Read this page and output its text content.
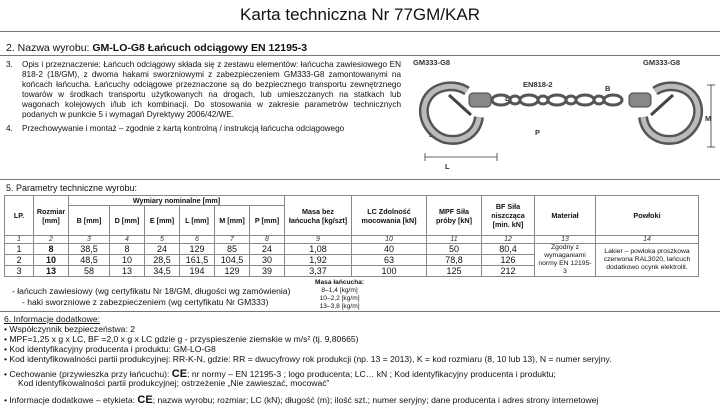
Karta techniczna Nr 77GM/KAR
2. Nazwa wyrobu: GM-LO-G8 Łańcuch odciągowy EN 12195-3
3. Opis i przeznaczenie: Łańcuch odciągowy składa się z zestawu elementów: łańcucha zawiesiowego EN 818-2 (18/GM), z dwoma hakami sworzniowymi z zabezpieczeniem GM333-G8 zamontowanymi na końcach łańcucha. Łańcuchy odciągowe przeznaczone są do bezpiecznego transportu zewnętrznego towarów w środkach transportu użytkowanych na drogach, lub umieszczanych na statkach lub wagonach kolejowych i/lub ich kombinacji. Do stosowania w zakresie parametrów technicznych podanych w punkcie 5 i wymagań Dyrektywy 2006/42/WE.
4. Przechowywanie i montaż – zgodnie z kartą kontrolną / instrukcją łańcucha odciągowego
GM333-G8
EN818-2
GM333-G8
B
D
P
B
E
M
L
5. Parametry techniczne wyrobu:
LP.	Rozmiar [mm]	Wymiary nominalne [mm]						Masa bez łańcucha [kg/szt]	LC Zdolność mocowania [kN]	MPF Siła próby [kN]	BF Siła niszcząca [min. kN]	Materiał	Powłoki
		B [mm]	D [mm]	E [mm]	L [mm]	M [mm]	P [mm]						
1	2	3	4	5	6	7	8	9	10	11	12	13	14
1	8	38,5	8	24	129	85	24	1,08	40	50	80,4	Zgodny z wymaganiami normy EN 12195-3	Lakier – powłoka proszkowa czerwona RAL3020, łańcuch dodatkowo ocynk elektrolit.
2	10	48,5	10	28,5	161,5	104,5	30	1,92	63	78,8	126		
3	13	58	13	34,5	194	129	39	3,37	100	125	212		
- łańcuch zawiesiowy (wg certyfikatu Nr 18/GM, długości wg zamówienia)
- haki sworzniowe z zabezpieczeniem (wg certyfikatu Nr GM333)
Masa łańcucha:
8–1,4 [kg/m]
10–2,2 [kg/m]
13–3,8 [kg/m]
6. Informacje dodatkowe:
• Współczynnik bezpieczeństwa: 2
• MPF=1,25 x g x LC, BF =2,0 x g x LC gdzie g - przyspieszenie ziemskie w m/s² (tj. 9,80665)
• Kod identyfikacyjny producenta i produktu: GM-LO-G8
• Kod identyfikowalności partii produkcyjnej: RR-K-N, gdzie: RR = dwucyfrowy rok produkcji (np. 13 = 2013), K = kod rozmiaru (8, 10 lub 13), N = numer seryjny.
• Cechowanie (przywieszka przy łańcuchu): CE; nr normy – EN 12195-3 ; logo producenta; LC… kN ; Kod identyfikacyjny producenta i produktu;
Kod identyfikowalności partii produkcyjnej; ostrzeżenie „Nie zawieszać, mocować”
• Informacje dodatkowe – etykieta: CE; nazwa wyrobu; rozmiar; LC (kN); długość (m); ilość szt.; numer seryjny; dane producenta i adres strony internetowej
